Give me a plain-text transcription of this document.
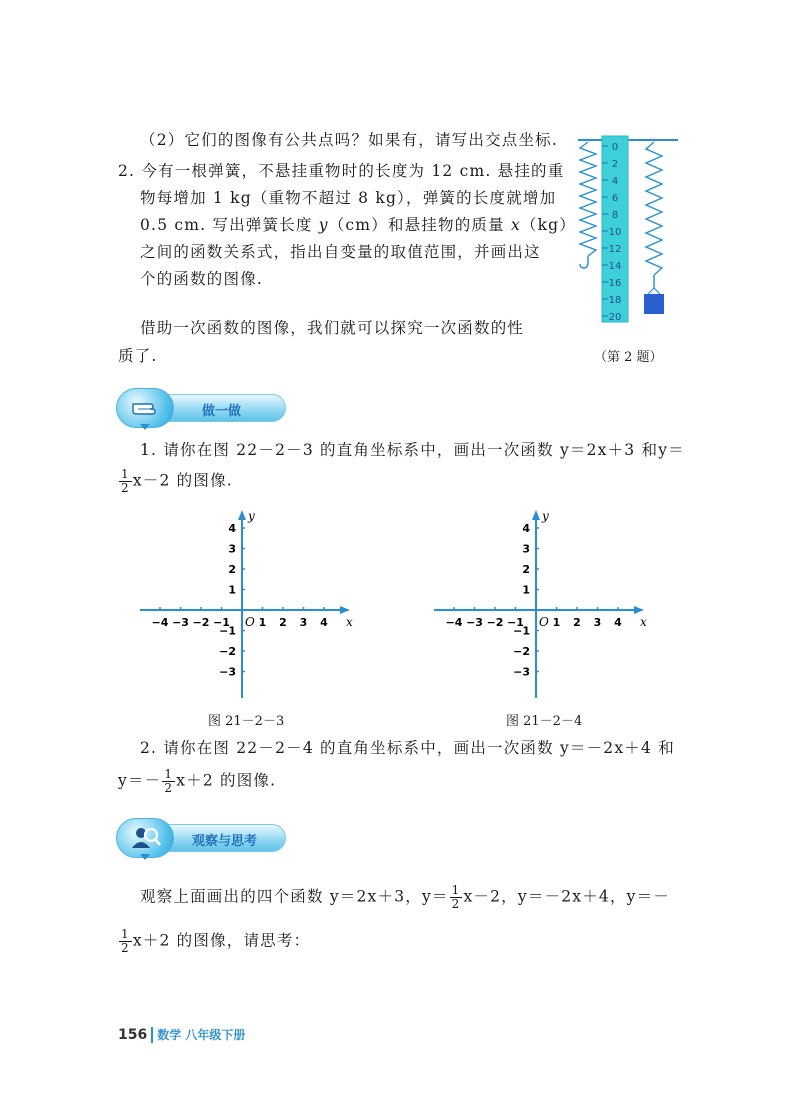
（2）它们的图像有公共点吗？如果有，请写出交点坐标.
2. 今有一根弹簧，不悬挂重物时的长度为 12 cm. 悬挂的重
物每增加 1 kg（重物不超过 8 kg），弹簧的长度就增加
0.5 cm. 写出弹簧长度 y（cm）和悬挂物的质量 x（kg）
之间的函数关系式，指出自变量的取值范围，并画出这
个的函数的图像.
0
2
4
6
8
10
12
14
16
18
20
（第 2 题）
借助一次函数的图像，我们就可以探究一次函数的性
质了.
做一做
1. 请你在图 22－2－3 的直角坐标系中，画出一次函数 y＝2x＋3 和y＝
$\frac{1}{2} x-2$ 的图像.
−4 −3 −2 −1	1 2 3 4
4
3
2
1
−1
−2
−3
O	x
y
−4 −3 −2 −1	1 2 3 4
4
3
2
1
−1
−2
−3
O	x
y
图 21－2－3	图 21－2－4
2. 请你在图 22－2－4 的直角坐标系中，画出一次函数 y＝－2x＋4 和
$y=- \frac{1}{2} x+2$ 的图像.
观察与思考
观察上面画出的四个函数 y＝2x＋3，$y= \frac{1}{2} x-2$，y＝－2x＋4，y＝－
$\frac{1}{2} x+2$ 的图像，请思考：
156 数学 八年级下册
